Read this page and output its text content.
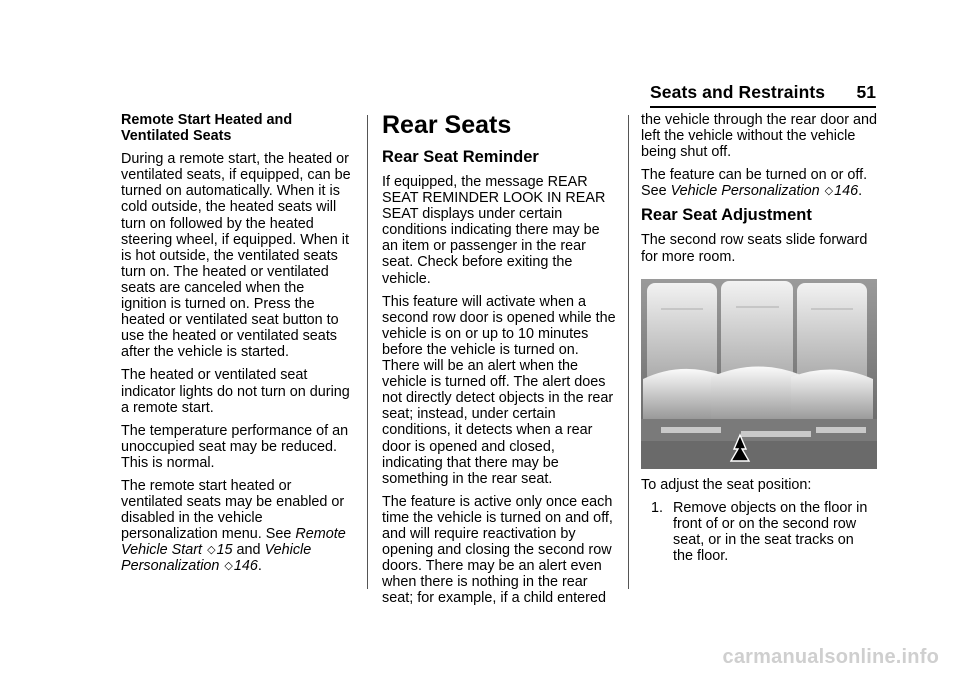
Seats and Restraints 51

Remote Start Heated and Ventilated Seats

During a remote start, the heated or ventilated seats, if equipped, can be turned on automatically. When it is cold outside, the heated seats will turn on followed by the heated steering wheel, if equipped. When it is hot outside, the ventilated seats turn on. The heated or ventilated seats are canceled when the ignition is turned on. Press the heated or ventilated seat button to use the heated or ventilated seats after the vehicle is started.

The heated or ventilated seat indicator lights do not turn on during a remote start.

The temperature performance of an unoccupied seat may be reduced. This is normal.

The remote start heated or ventilated seats may be enabled or disabled in the vehicle personalization menu. See Remote Vehicle Start ◇15 and Vehicle Personalization ◇146.

Rear Seats
Rear Seat Reminder

If equipped, the message REAR SEAT REMINDER LOOK IN REAR SEAT displays under certain conditions indicating there may be an item or passenger in the rear seat. Check before exiting the vehicle.

This feature will activate when a second row door is opened while the vehicle is on or up to 10 minutes before the vehicle is turned on. There will be an alert when the vehicle is turned off. The alert does not directly detect objects in the rear seat; instead, under certain conditions, it detects when a rear door is opened and closed, indicating that there may be something in the rear seat.

The feature is active only once each time the vehicle is turned on and off, and will require reactivation by opening and closing the second row doors. There may be an alert even when there is nothing in the rear seat; for example, if a child entered

the vehicle through the rear door and left the vehicle without the vehicle being shut off.

The feature can be turned on or off. See Vehicle Personalization ◇146.

Rear Seat Adjustment

The second row seats slide forward for more room.

To adjust the seat position:

1. Remove objects on the floor in front of or on the second row seat, or in the seat tracks on the floor.
carmanualsonline.info
